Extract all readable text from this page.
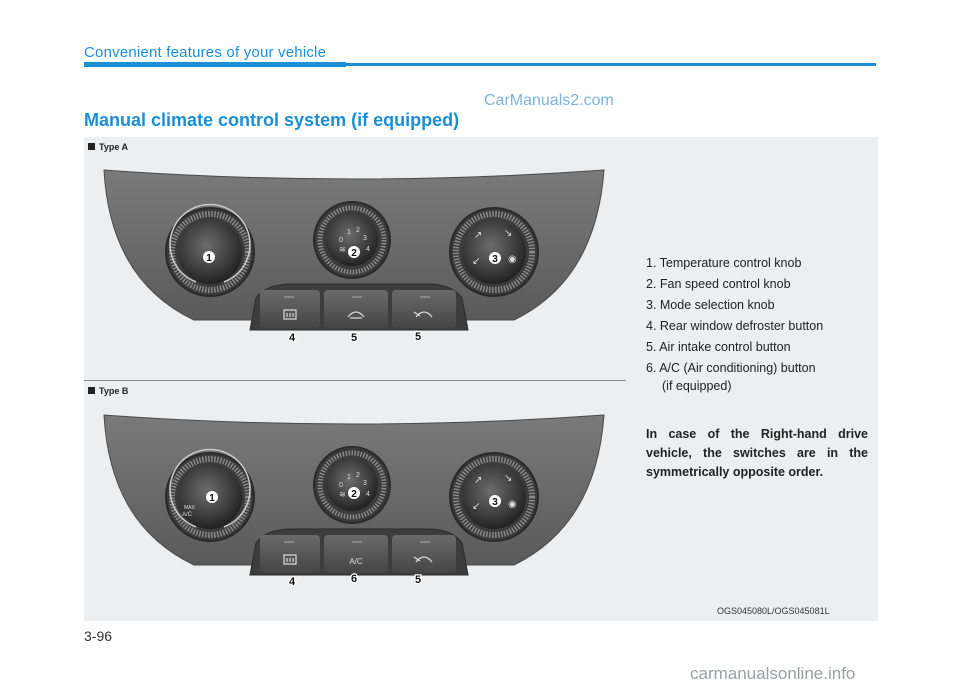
Convenient features of your vehicle
CarManuals2.com
Manual climate control system (if equipped)
Type A
Type B
0
1 2
3
4
≋
↗ ↘
◉
↙
1	2
3
4	5	5
A/C
MAX
A/C
0
1 2
3
4
≋
↗ ↘
◉
↙
1	2
3
4	6	5
1. Temperature control knob
2. Fan speed control knob
3. Mode selection knob
4. Rear window defroster button
5. Air intake control button
6. A/C (Air conditioning) button
(if equipped)
In case of the Right-hand drive vehicle, the switches are in the symmetrically opposite order.
OGS045080L/OGS045081L
3-96
carmanualsonline.info
